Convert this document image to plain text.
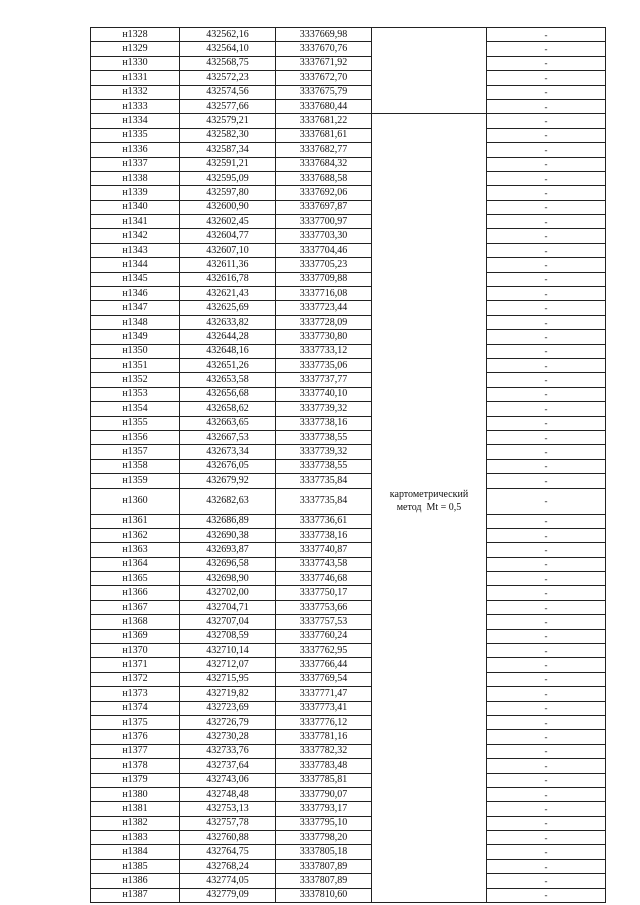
н1328	432562,16	3337669,98		-
н1329	432564,10	3337670,76		-
н1330	432568,75	3337671,92		-
н1331	432572,23	3337672,70		-
н1332	432574,56	3337675,79		-
н1333	432577,66	3337680,44		-
н1334	432579,21	3337681,22		-
н1335	432582,30	3337681,61		-
н1336	432587,34	3337682,77		-
н1337	432591,21	3337684,32		-
н1338	432595,09	3337688,58		-
н1339	432597,80	3337692,06		-
н1340	432600,90	3337697,87		-
н1341	432602,45	3337700,97		-
н1342	432604,77	3337703,30		-
н1343	432607,10	3337704,46		-
н1344	432611,36	3337705,23		-
н1345	432616,78	3337709,88		-
н1346	432621,43	3337716,08		-
н1347	432625,69	3337723,44		-
н1348	432633,82	3337728,09		-
н1349	432644,28	3337730,80		-
н1350	432648,16	3337733,12		-
н1351	432651,26	3337735,06		-
н1352	432653,58	3337737,77		-
н1353	432656,68	3337740,10		-
н1354	432658,62	3337739,32		-
н1355	432663,65	3337738,16		-
н1356	432667,53	3337738,55		-
н1357	432673,34	3337739,32		-
н1358	432676,05	3337738,55		-
н1359	432679,92	3337735,84		-
н1360	432682,63	3337735,84	картометрический
метод  Mt = 0,5	-
н1361	432686,89	3337736,61		-
н1362	432690,38	3337738,16		-
н1363	432693,87	3337740,87		-
н1364	432696,58	3337743,58		-
н1365	432698,90	3337746,68		-
н1366	432702,00	3337750,17		-
н1367	432704,71	3337753,66		-
н1368	432707,04	3337757,53		-
н1369	432708,59	3337760,24		-
н1370	432710,14	3337762,95		-
н1371	432712,07	3337766,44		-
н1372	432715,95	3337769,54		-
н1373	432719,82	3337771,47		-
н1374	432723,69	3337773,41		-
н1375	432726,79	3337776,12		-
н1376	432730,28	3337781,16		-
н1377	432733,76	3337782,32		-
н1378	432737,64	3337783,48		-
н1379	432743,06	3337785,81		-
н1380	432748,48	3337790,07		-
н1381	432753,13	3337793,17		-
н1382	432757,78	3337795,10		-
н1383	432760,88	3337798,20		-
н1384	432764,75	3337805,18		-
н1385	432768,24	3337807,89		-
н1386	432774,05	3337807,89		-
н1387	432779,09	3337810,60		-
